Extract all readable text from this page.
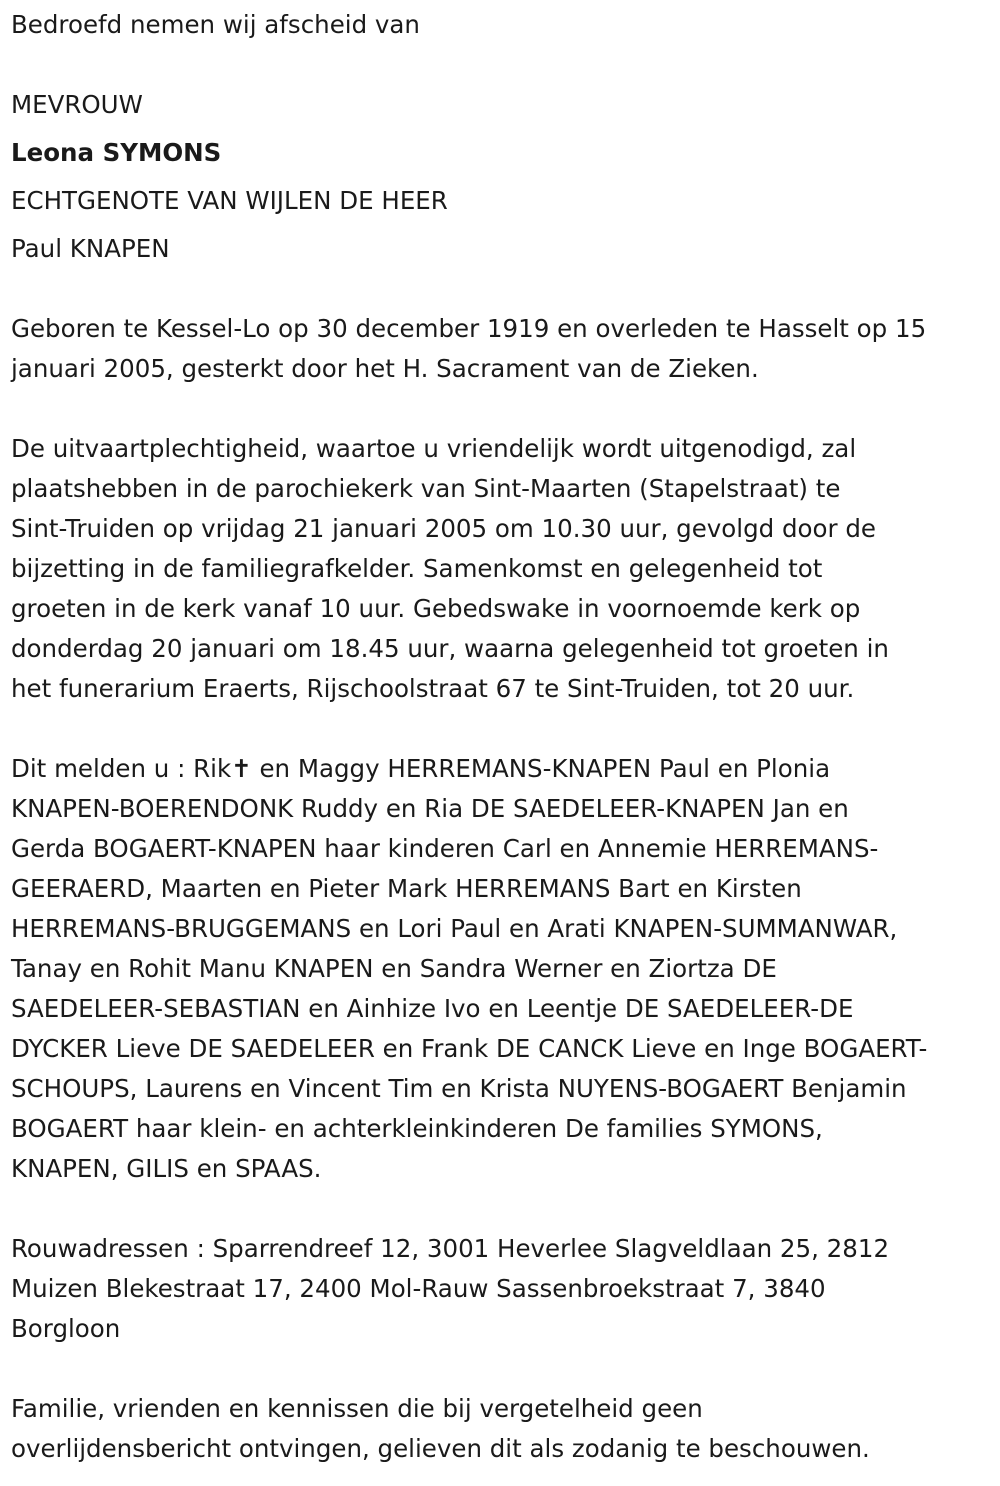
Bedroefd nemen wij afscheid van
MEVROUW
Leona SYMONS
ECHTGENOTE VAN WIJLEN DE HEER
Paul KNAPEN
Geboren te Kessel-Lo op 30 december 1919 en overleden te Hasselt op 15
januari 2005, gesterkt door het H. Sacrament van de Zieken.
De uitvaartplechtigheid, waartoe u vriendelijk wordt uitgenodigd, zal
plaatshebben in de parochiekerk van Sint-Maarten (Stapelstraat) te
Sint-Truiden op vrijdag 21 januari 2005 om 10.30 uur, gevolgd door de
bijzetting in de familiegrafkelder. Samenkomst en gelegenheid tot
groeten in de kerk vanaf 10 uur. Gebedswake in voornoemde kerk op
donderdag 20 januari om 18.45 uur, waarna gelegenheid tot groeten in
het funerarium Eraerts, Rijschoolstraat 67 te Sint-Truiden, tot 20 uur.
Dit melden u : Rik✝ en Maggy HERREMANS-KNAPEN Paul en Plonia
KNAPEN-BOERENDONK Ruddy en Ria DE SAEDELEER-KNAPEN Jan en
Gerda BOGAERT-KNAPEN haar kinderen Carl en Annemie HERREMANS-
GEERAERD, Maarten en Pieter Mark HERREMANS Bart en Kirsten
HERREMANS-BRUGGEMANS en Lori Paul en Arati KNAPEN-SUMMANWAR,
Tanay en Rohit Manu KNAPEN en Sandra Werner en Ziortza DE
SAEDELEER-SEBASTIAN en Ainhize Ivo en Leentje DE SAEDELEER-DE
DYCKER Lieve DE SAEDELEER en Frank DE CANCK Lieve en Inge BOGAERT-
SCHOUPS, Laurens en Vincent Tim en Krista NUYENS-BOGAERT Benjamin
BOGAERT haar klein- en achterkleinkinderen De families SYMONS,
KNAPEN, GILIS en SPAAS.
Rouwadressen : Sparrendreef 12, 3001 Heverlee Slagveldlaan 25, 2812
Muizen Blekestraat 17, 2400 Mol-Rauw Sassenbroekstraat 7, 3840
Borgloon
Familie, vrienden en kennissen die bij vergetelheid geen
overlijdensbericht ontvingen, gelieven dit als zodanig te beschouwen.
